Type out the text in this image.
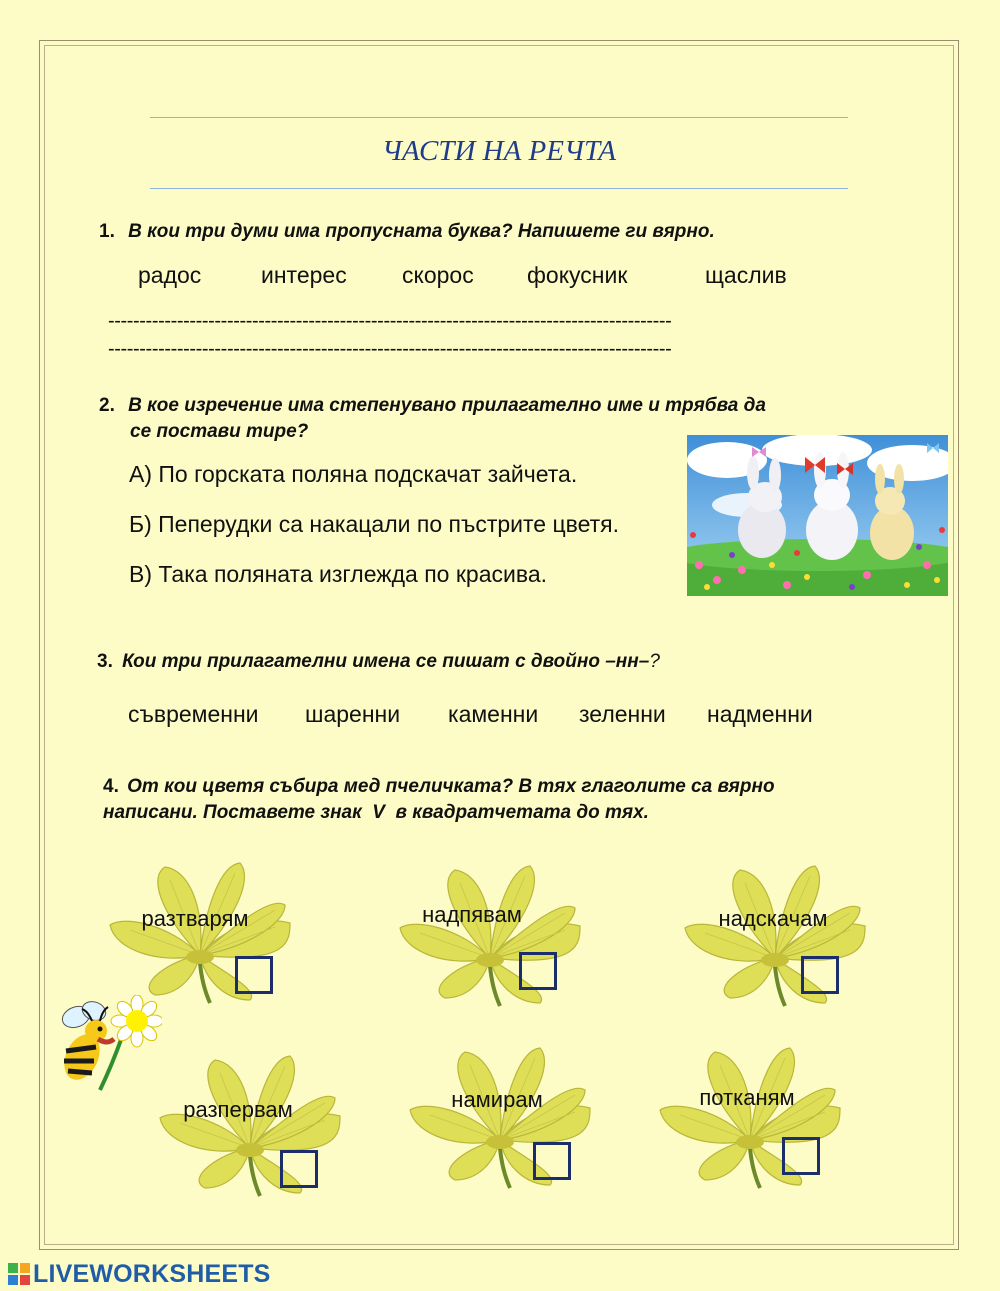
ЧАСТИ НА РЕЧТА
1. В кои три думи има пропусната буква? Напишете ги вярно.
радос	интерес скорос фокусник	щаслив
------------------------------------------------------------------------------------------
------------------------------------------------------------------------------------------
2. В кое изречение има степенувано прилагателно име и трябва да
се постави тире?
А) По горската поляна подскачат зайчета.
Б) Пеперудки са накацали по пъстрите цветя.
В) Така поляната изглежда по красива.
3. Кои три прилагателни имена се пишат с двойно –нн–?
съвременни шаренни каменни зеленни надменни
4. От кои цветя събира мед пчеличката? В тях глаголите са вярно
написани. Поставете знак  V  в квадратчетата до тях.
разтварям	надпявам	надскачам
разпервам	намирам	потканям
LIVEWORKSHEETS
